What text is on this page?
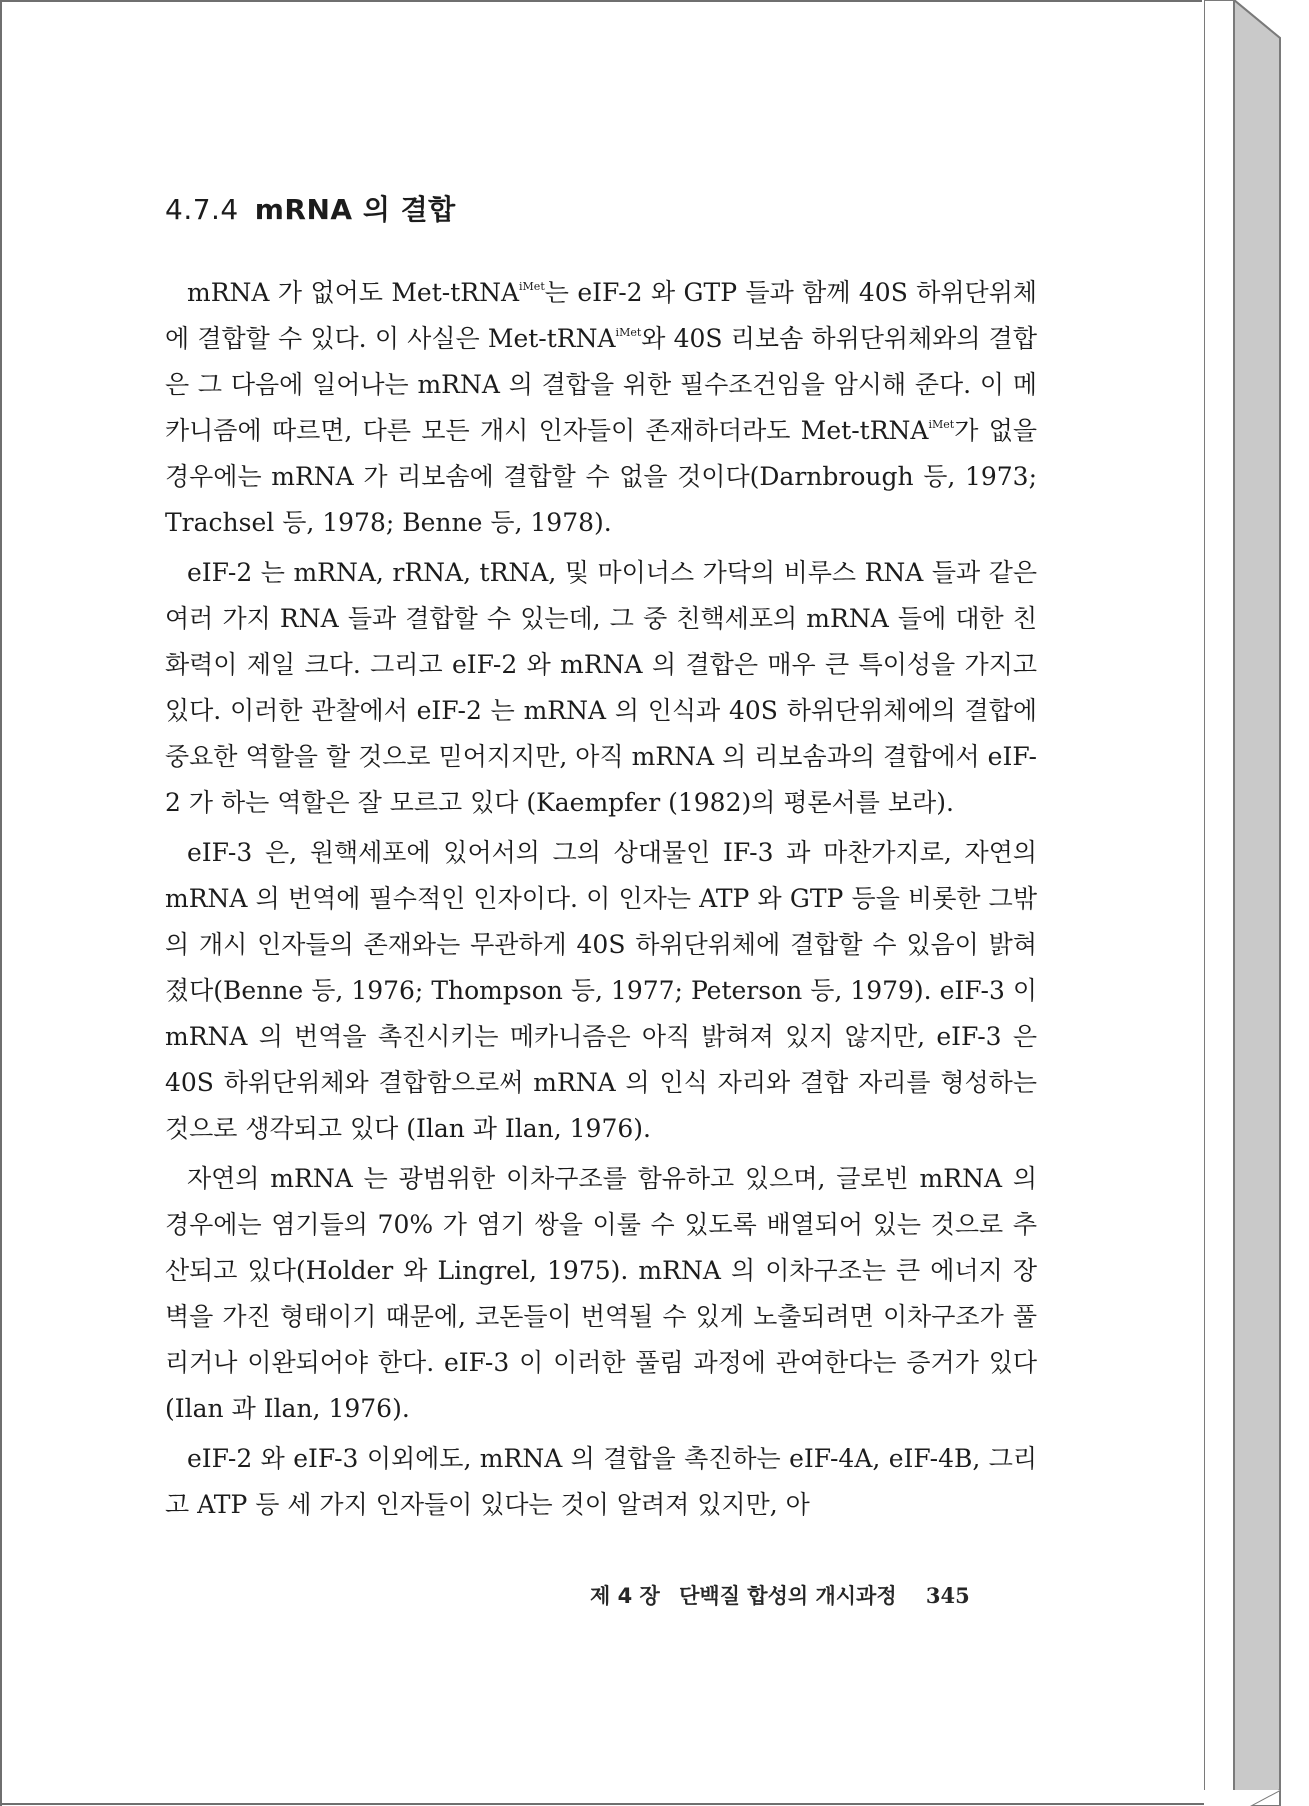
4.7.4 mRNA 의 결합

mRNA 가 없어도 Met-tRNA$^{iMet}$는 eIF-2 와 GTP 들과 함께 40S 하위단위체에 결합할 수 있다. 이 사실은 Met-tRNA$^{iMet}$와 40S 리보솜 하위단위체와의 결합은 그 다음에 일어나는 mRNA 의 결합을 위한 필수조건임을 암시해 준다. 이 메카니즘에 따르면, 다른 모든 개시 인자들이 존재하더라도 Met-tRNA$^{iMet}$가 없을 경우에는 mRNA 가 리보솜에 결합할 수 없을 것이다(Darnbrough 등, 1973; Trachsel 등, 1978; Benne 등, 1978).

eIF-2 는 mRNA, rRNA, tRNA, 및 마이너스 가닥의 비루스 RNA 들과 같은 여러 가지 RNA 들과 결합할 수 있는데, 그 중 친핵세포의 mRNA 들에 대한 친화력이 제일 크다. 그리고 eIF-2 와 mRNA 의 결합은 매우 큰 특이성을 가지고 있다. 이러한 관찰에서 eIF-2 는 mRNA 의 인식과 40S 하위단위체에의 결합에 중요한 역할을 할 것으로 믿어지지만, 아직 mRNA 의 리보솜과의 결합에서 eIF-2 가 하는 역할은 잘 모르고 있다 (Kaempfer (1982)의 평론서를 보라).

eIF-3 은, 원핵세포에 있어서의 그의 상대물인 IF-3 과 마찬가지로, 자연의 mRNA 의 번역에 필수적인 인자이다. 이 인자는 ATP 와 GTP 등을 비롯한 그밖의 개시 인자들의 존재와는 무관하게 40S 하위단위체에 결합할 수 있음이 밝혀졌다(Benne 등, 1976; Thompson 등, 1977; Peterson 등, 1979). eIF-3 이 mRNA 의 번역을 촉진시키는 메카니즘은 아직 밝혀져 있지 않지만, eIF-3 은 40S 하위단위체와 결합함으로써 mRNA 의 인식 자리와 결합 자리를 형성하는 것으로 생각되고 있다 (Ilan 과 Ilan, 1976).

자연의 mRNA 는 광범위한 이차구조를 함유하고 있으며, 글로빈 mRNA 의 경우에는 염기들의 70% 가 염기 쌍을 이룰 수 있도록 배열되어 있는 것으로 추산되고 있다(Holder 와 Lingrel, 1975). mRNA 의 이차구조는 큰 에너지 장벽을 가진 형태이기 때문에, 코돈들이 번역될 수 있게 노출되려면 이차구조가 풀리거나 이완되어야 한다. eIF-3 이 이러한 풀림 과정에 관여한다는 증거가 있다(Ilan 과 Ilan, 1976).

eIF-2 와 eIF-3 이외에도, mRNA 의 결합을 촉진하는 eIF-4A, eIF-4B, 그리고 ATP 등 세 가지 인자들이 있다는 것이 알려져 있지만, 아

제 4 장 단백질 합성의 개시과정 345
